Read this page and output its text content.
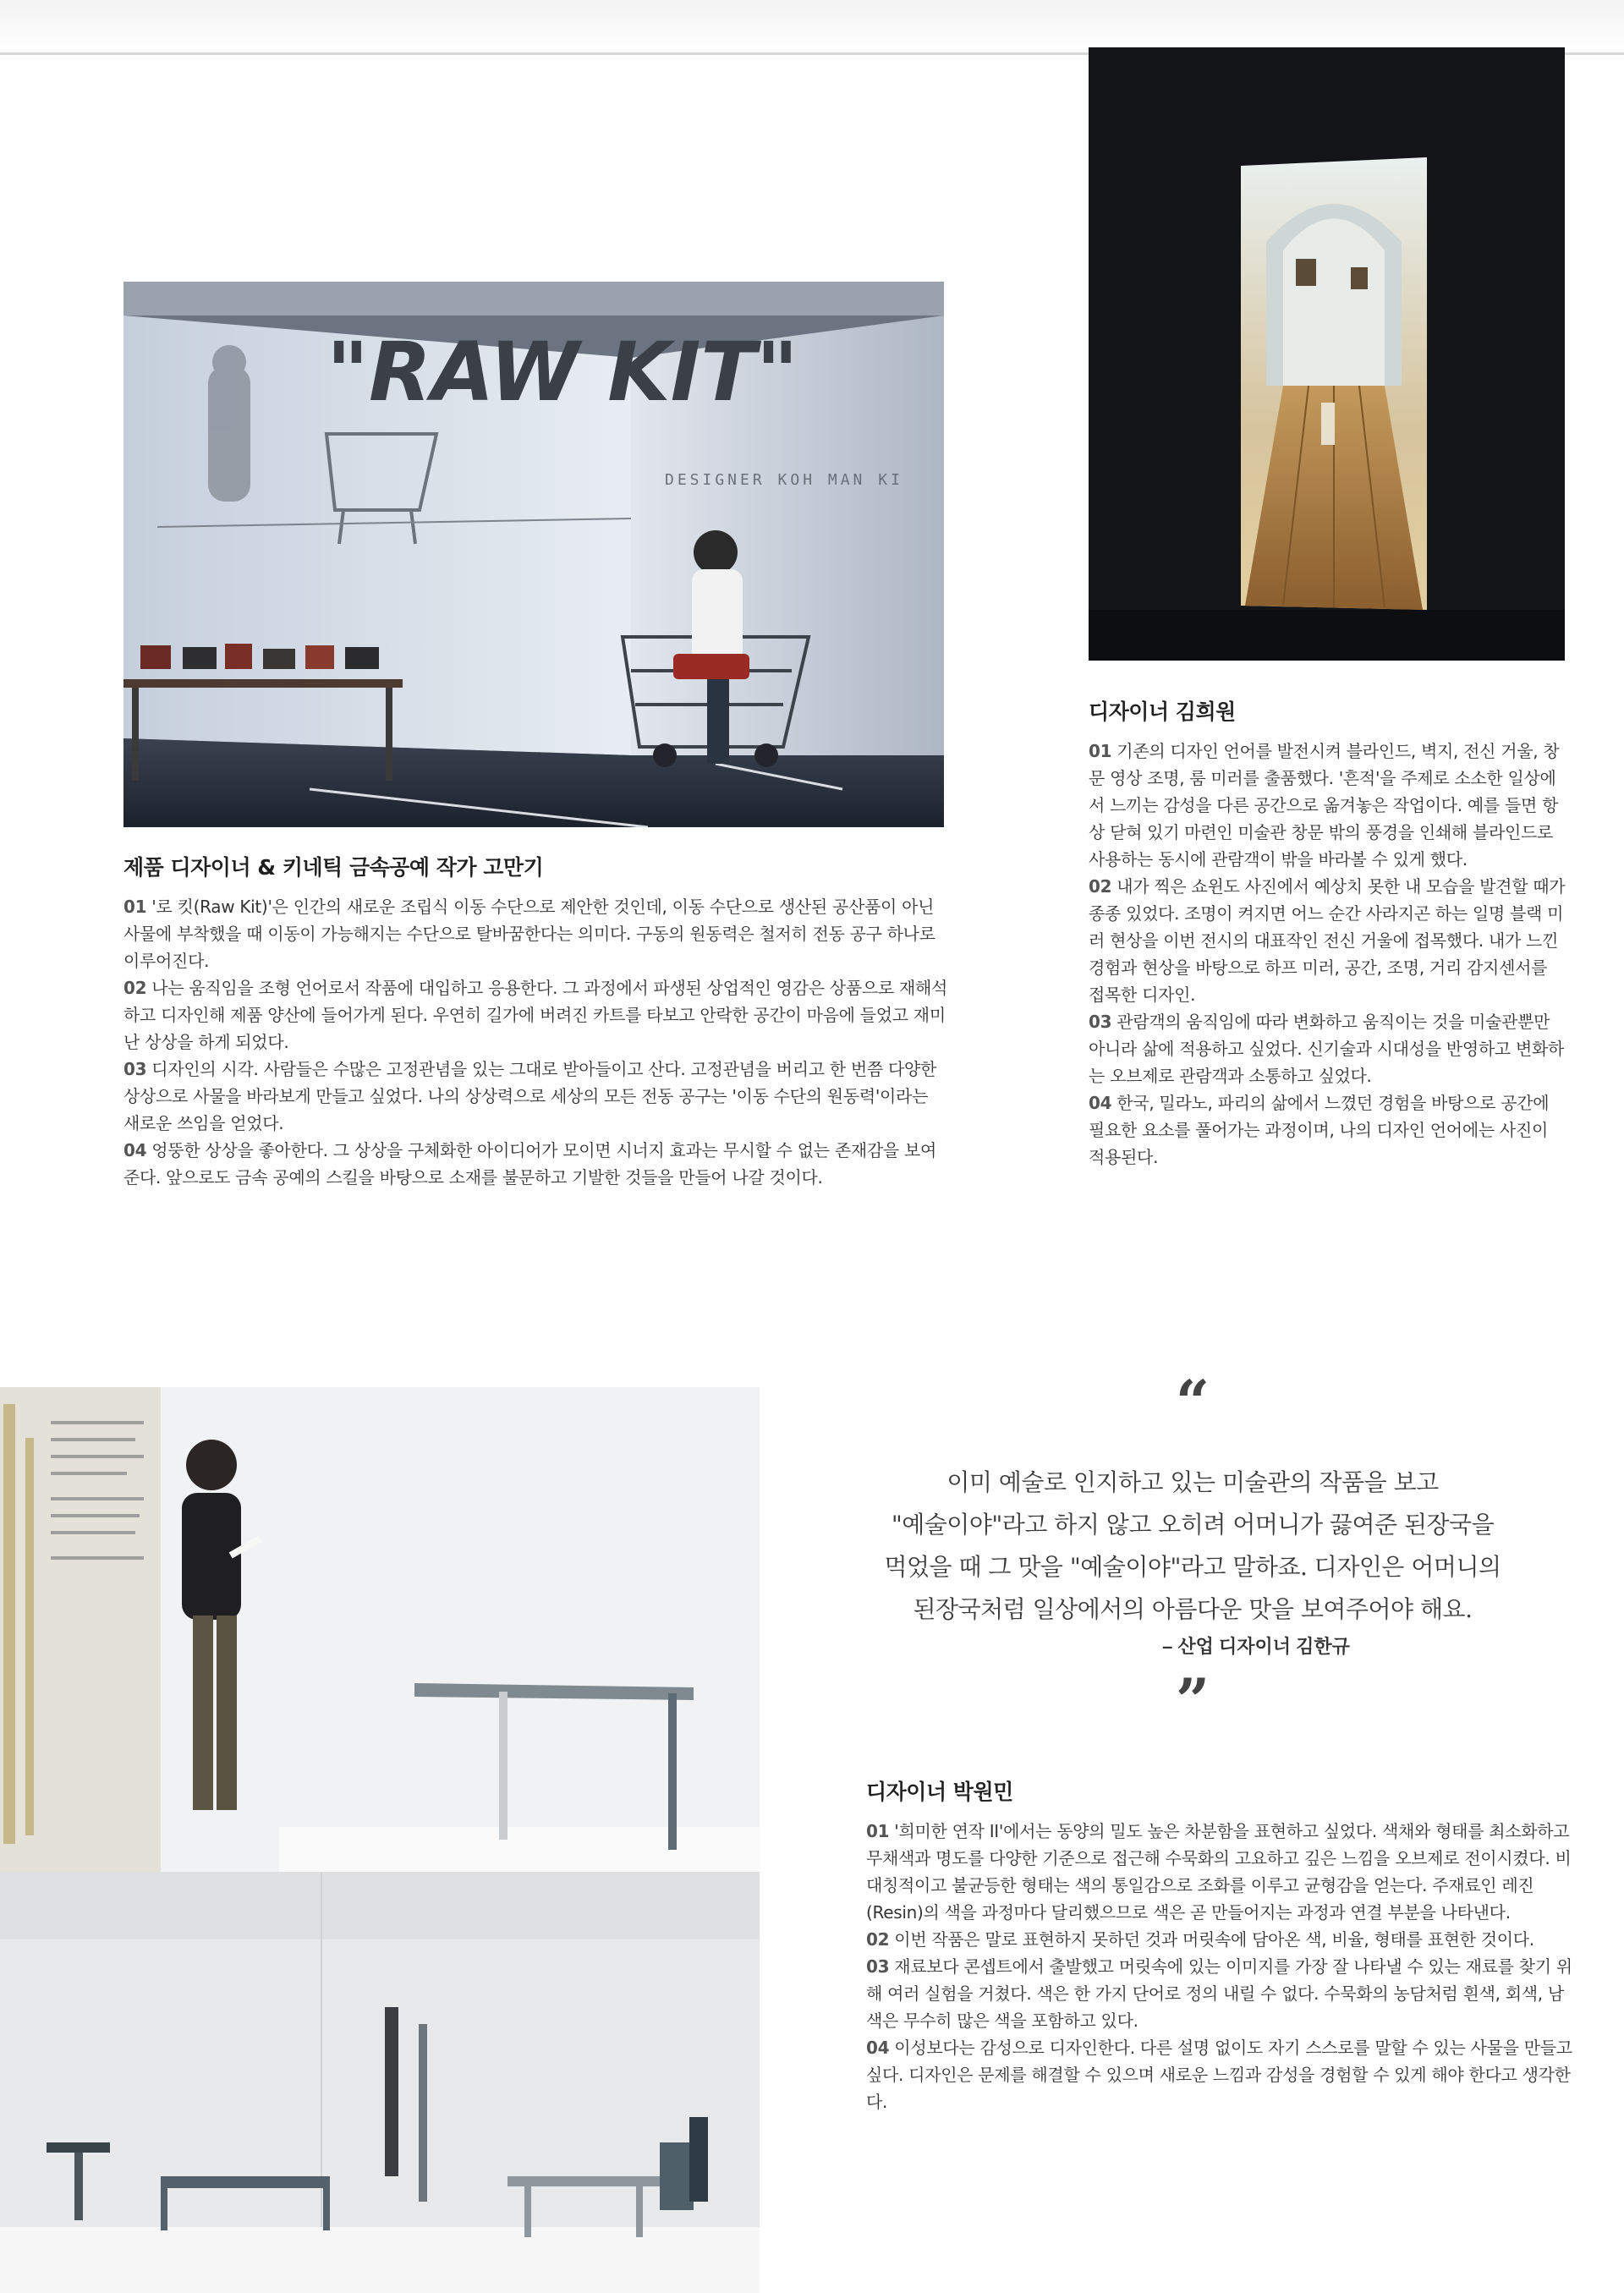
"RAW KIT"
DESIGNER KOH MAN KI
제품 디자이너 & 키네틱 금속공예 작가 고만기

01 '로 킷(Raw Kit)'은 인간의 새로운 조립식 이동 수단으로 제안한 것인데, 이동 수단으로 생산된 공산품이 아닌 사물에 부착했을 때 이동이 가능해지는 수단으로 탈바꿈한다는 의미다. 구동의 원동력은 철저히 전동 공구 하나로 이루어진다.

02 나는 움직임을 조형 언어로서 작품에 대입하고 응용한다. 그 과정에서 파생된 상업적인 영감은 상품으로 재해석하고 디자인해 제품 양산에 들어가게 된다. 우연히 길가에 버려진 카트를 타보고 안락한 공간이 마음에 들었고 재미난 상상을 하게 되었다.

03 디자인의 시각. 사람들은 수많은 고정관념을 있는 그대로 받아들이고 산다. 고정관념을 버리고 한 번쯤 다양한 상상으로 사물을 바라보게 만들고 싶었다. 나의 상상력으로 세상의 모든 전동 공구는 '이동 수단의 원동력'이라는 새로운 쓰임을 얻었다.

04 엉뚱한 상상을 좋아한다. 그 상상을 구체화한 아이디어가 모이면 시너지 효과는 무시할 수 없는 존재감을 보여준다. 앞으로도 금속 공예의 스킬을 바탕으로 소재를 불문하고 기발한 것들을 만들어 나갈 것이다.

디자이너 김희원

01 기존의 디자인 언어를 발전시켜 블라인드, 벽지, 전신 거울, 창문 영상 조명, 룸 미러를 출품했다. '흔적'을 주제로 소소한 일상에서 느끼는 감성을 다른 공간으로 옮겨놓은 작업이다. 예를 들면 항상 닫혀 있기 마련인 미술관 창문 밖의 풍경을 인쇄해 블라인드로 사용하는 동시에 관람객이 밖을 바라볼 수 있게 했다.

02 내가 찍은 쇼윈도 사진에서 예상치 못한 내 모습을 발견할 때가 종종 있었다. 조명이 켜지면 어느 순간 사라지곤 하는 일명 블랙 미러 현상을 이번 전시의 대표작인 전신 거울에 접목했다. 내가 느낀 경험과 현상을 바탕으로 하프 미러, 공간, 조명, 거리 감지센서를 접목한 디자인.

03 관람객의 움직임에 따라 변화하고 움직이는 것을 미술관뿐만 아니라 삶에 적용하고 싶었다. 신기술과 시대성을 반영하고 변화하는 오브제로 관람객과 소통하고 싶었다.

04 한국, 밀라노, 파리의 삶에서 느꼈던 경험을 바탕으로 공간에 필요한 요소를 풀어가는 과정이며, 나의 디자인 언어에는 사진이 적용된다.

“
이미 예술로 인지하고 있는 미술관의 작품을 보고
"예술이야"라고 하지 않고 오히려 어머니가 끓여준 된장국을
먹었을 때 그 맛을 "예술이야"라고 말하죠. 디자인은 어머니의
된장국처럼 일상에서의 아름다운 맛을 보여주어야 해요.
– 산업 디자이너 김한규
”
디자이너 박원민

01 '희미한 연작 II'에서는 동양의 밀도 높은 차분함을 표현하고 싶었다. 색채와 형태를 최소화하고 무채색과 명도를 다양한 기준으로 접근해 수묵화의 고요하고 깊은 느낌을 오브제로 전이시켰다. 비대칭적이고 불균등한 형태는 색의 통일감으로 조화를 이루고 균형감을 얻는다. 주재료인 레진(Resin)의 색을 과정마다 달리했으므로 색은 곧 만들어지는 과정과 연결 부분을 나타낸다.

02 이번 작품은 말로 표현하지 못하던 것과 머릿속에 담아온 색, 비율, 형태를 표현한 것이다.

03 재료보다 콘셉트에서 출발했고 머릿속에 있는 이미지를 가장 잘 나타낼 수 있는 재료를 찾기 위해 여러 실험을 거쳤다. 색은 한 가지 단어로 정의 내릴 수 없다. 수묵화의 농담처럼 흰색, 회색, 남색은 무수히 많은 색을 포함하고 있다.

04 이성보다는 감성으로 디자인한다. 다른 설명 없이도 자기 스스로를 말할 수 있는 사물을 만들고 싶다. 디자인은 문제를 해결할 수 있으며 새로운 느낌과 감성을 경험할 수 있게 해야 한다고 생각한다.
